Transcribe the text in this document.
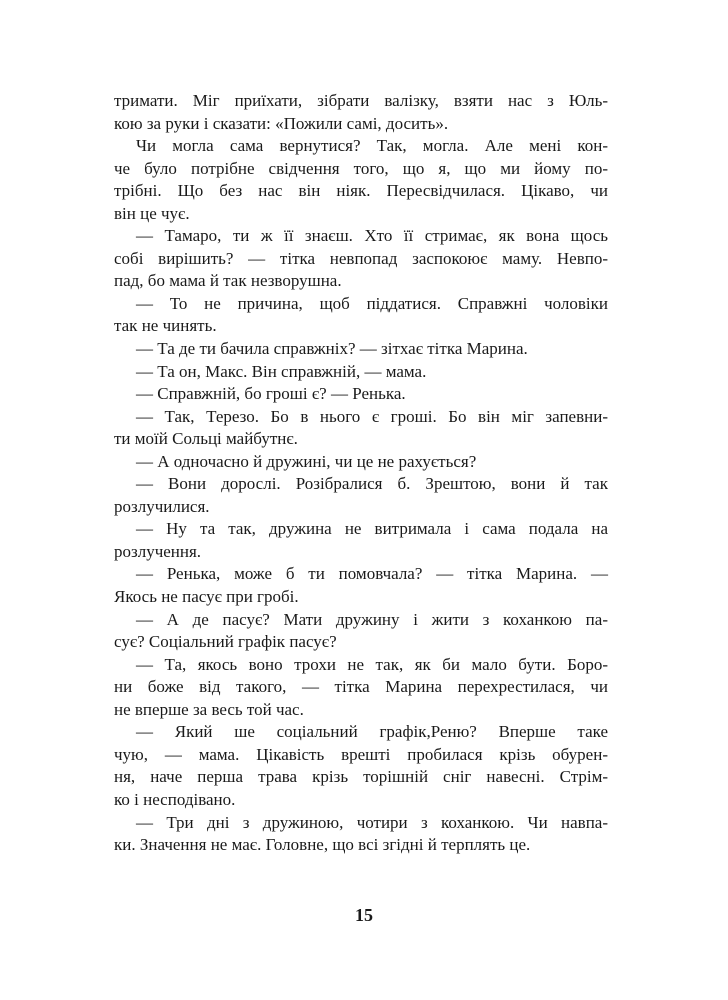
тримати. Міг приїхати, зібрати валізку, взяти нас з Юль-
кою за руки і сказати: «Пожили самі, досить».
Чи могла сама вернутися? Так, могла. Але мені кон-
че було потрібне свідчення того, що я, що ми йому по-
трібні. Що без нас він ніяк. Пересвідчилася. Цікаво, чи
він це чує.
— Тамаро, ти ж її знаєш. Хто її стримає, як вона щось
собі вирішить? — тітка невпопад заспокоює маму. Невпо-
пад, бо мама й так незворушна.
— То не причина, щоб піддатися. Справжні чоловіки
так не чинять.
— Та де ти бачила справжніх? — зітхає тітка Марина.
— Та он, Макс. Він справжній, — мама.
— Справжній, бо гроші є? — Ренька.
— Так, Терезо. Бо в нього є гроші. Бо він міг запевни-
ти моїй Сольці майбутнє.
— А одночасно й дружині, чи це не рахується?
— Вони дорослі. Розібралися б. Зрештою, вони й так
розлучилися.
— Ну та так, дружина не витримала і сама подала на
розлучення.
— Ренька, може б ти помовчала? — тітка Марина. —
Якось не пасує при гробі.
— А де пасує? Мати дружину і жити з коханкою па-
сує? Соціальний графік пасує?
— Та, якось воно трохи не так, як би мало бути. Боро-
ни боже від такого, — тітка Марина перехрестилася, чи
не вперше за весь той час.
— Який ше соціальний графік,Реню? Вперше таке
чую, — мама. Цікавість врешті пробилася крізь обурен-
ня, наче перша трава крізь торішній сніг навесні. Стрім-
ко і несподівано.
— Три дні з дружиною, чотири з коханкою. Чи навпа-
ки. Значення не має. Головне, що всі згідні й терплять це.
15
